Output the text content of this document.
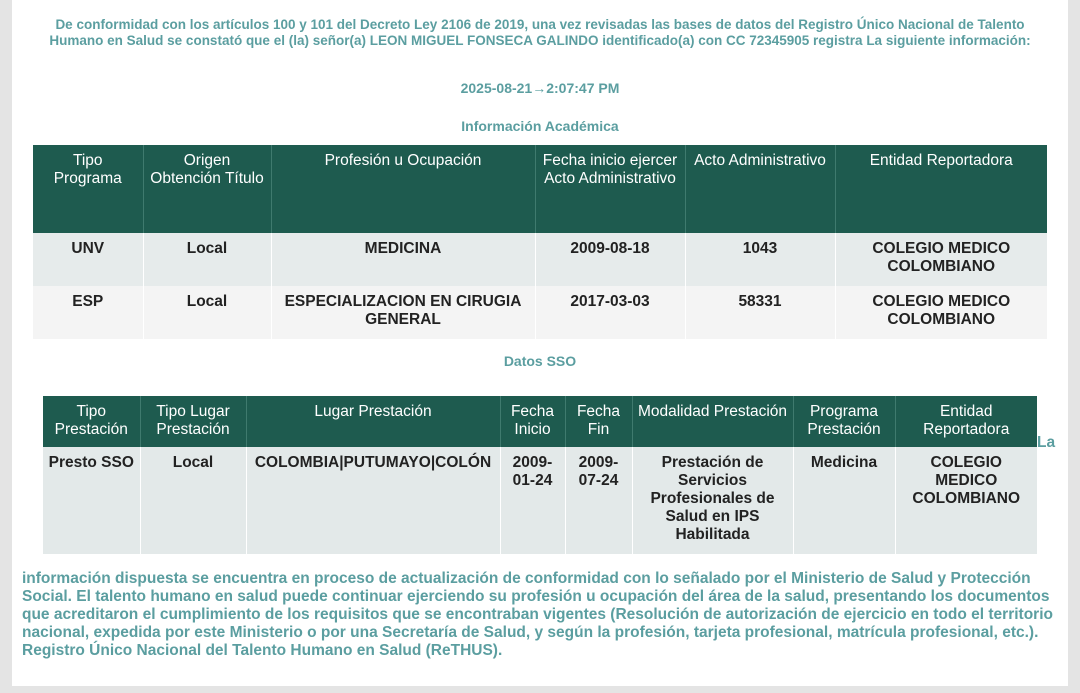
De conformidad con los artículos 100 y 101 del Decreto Ley 2106 de 2019, una vez revisadas las bases de datos del Registro Único Nacional de Talento Humano en Salud se constató que el (la) señor(a) LEON MIGUEL FONSECA GALINDO identificado(a) con CC 72345905 registra La siguiente información:
2025-08-21→2:07:47 PM
Información Académica
Tipo Programa	Origen Obtención Título	Profesión u Ocupación	Fecha inicio ejercer Acto Administrativo	Acto Administrativo	Entidad Reportadora
UNV	Local	MEDICINA	2009-08-18	1043	COLEGIO MEDICO COLOMBIANO
ESP	Local	ESPECIALIZACION EN CIRUGIA GENERAL	2017-03-03	58331	COLEGIO MEDICO COLOMBIANO
Datos SSO
Tipo Prestación	Tipo Lugar Prestación	Lugar Prestación	Fecha Inicio	Fecha Fin	Modalidad Prestación	Programa Prestación	Entidad Reportadora
Presto SSO	Local	COLOMBIA|PUTUMAYO|COLÓN	2009-01-24	2009-07-24	Prestación de Servicios Profesionales de Salud en IPS Habilitada	Medicina	COLEGIO MEDICO COLOMBIANO
La
información dispuesta se encuentra en proceso de actualización de conformidad con lo señalado por el Ministerio de Salud y Protección Social. El talento humano en salud puede continuar ejerciendo su profesión u ocupación del área de la salud, presentando los documentos que acreditaron el cumplimiento de los requisitos que se encontraban vigentes (Resolución de autorización de ejercicio en todo el territorio nacional, expedida por este Ministerio o por una Secretaría de Salud, y según la profesión, tarjeta profesional, matrícula profesional, etc.). Registro Único Nacional del Talento Humano en Salud (ReTHUS).
